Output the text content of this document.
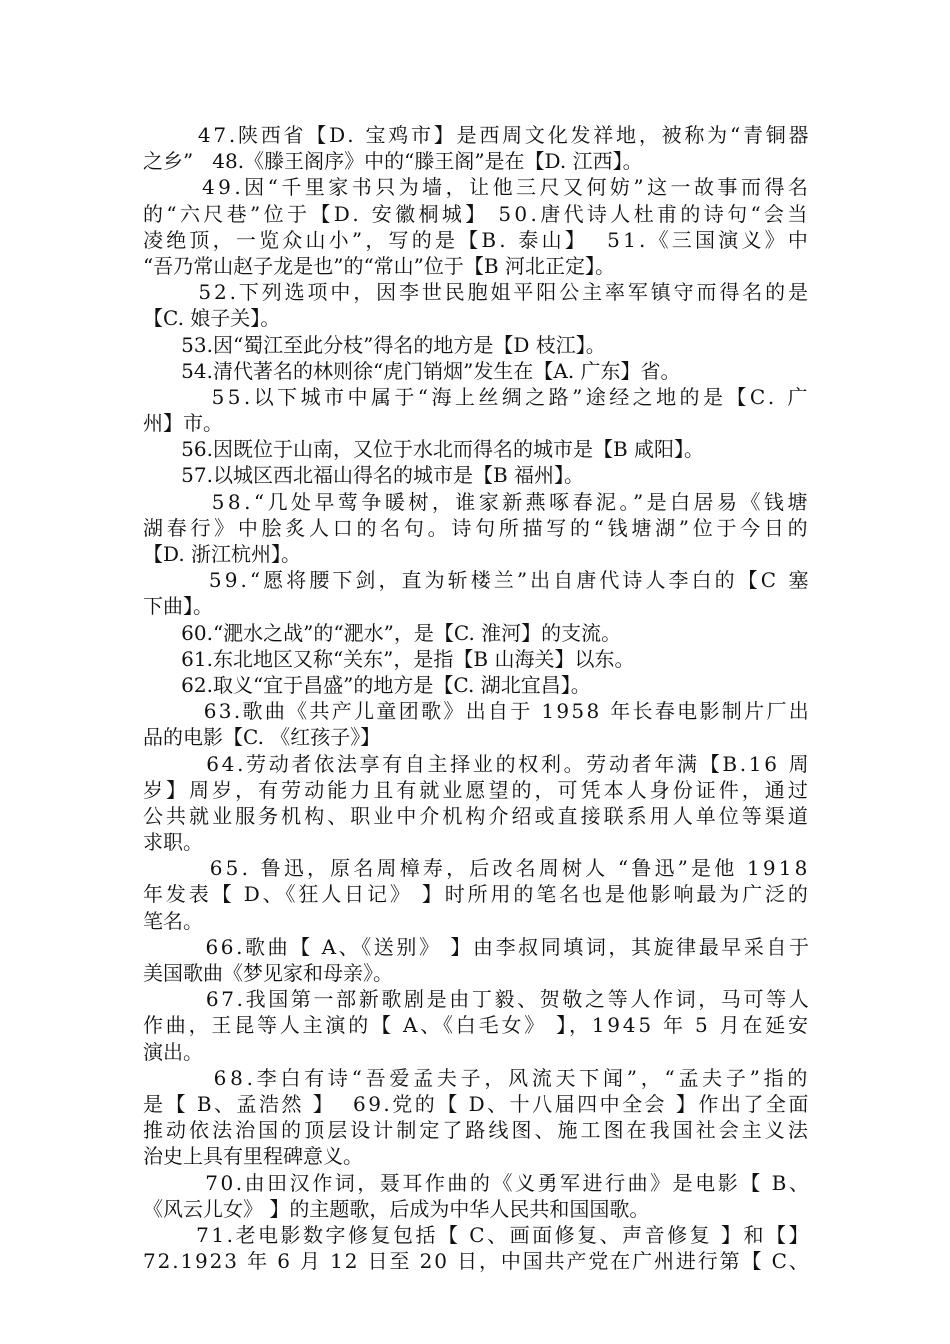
47.陕西省【D. 宝鸡市】是西周文化发祥地，被称为“青铜器
之乡”   48.《滕王阁序》中的“滕王阁”是在【D. 江西】。
49.因“千里家书只为墙，让他三尺又何妨”这一故事而得名
的“六尺巷”位于【D. 安徽桐城】 50.唐代诗人杜甫的诗句“会当
凌绝顶，一览众山小”，写的是【B. 泰山】  51.《三国演义》中
“吾乃常山赵子龙是也”的“常山”位于【B 河北正定】。
52.下列选项中，因李世民胞姐平阳公主率军镇守而得名的是
【C. 娘子关】。
53.因“蜀江至此分枝”得名的地方是【D 枝江】。
54.清代著名的林则徐“虎门销烟”发生在【A. 广东】省。
55.以下城市中属于“海上丝绸之路”途经之地的是【C. 广
州】市。
56.因既位于山南，又位于水北而得名的城市是【B 咸阳】。
57.以城区西北福山得名的城市是【B 福州】。
58.“几处早莺争暖树，谁家新燕啄春泥。”是白居易《钱塘
湖春行》中脍炙人口的名句。诗句所描写的“钱塘湖”位于今日的
【D. 浙江杭州】。
59.“愿将腰下剑，直为斩楼兰”出自唐代诗人李白的【C 塞
下曲】。
60.“淝水之战”的“淝水”，是【C. 淮河】的支流。
61.东北地区又称“关东”，是指【B 山海关】以东。
62.取义“宜于昌盛”的地方是【C. 湖北宜昌】。
63.歌曲《共产儿童团歌》出自于 1958 年长春电影制片厂出
品的电影【C. 《红孩子》】
64.劳动者依法享有自主择业的权利。劳动者年满【B.16 周
岁】周岁，有劳动能力且有就业愿望的，可凭本人身份证件，通过
公共就业服务机构、职业中介机构介绍或直接联系用人单位等渠道
求职。
65. 鲁迅，原名周樟寿，后改名周树人 “鲁迅”是他 1918
年发表【 D、《狂人日记》 】时所用的笔名也是他影响最为广泛的
笔名。
66.歌曲【 A、《送别》 】由李叔同填词，其旋律最早采自于
美国歌曲《梦见家和母亲》。
67.我国第一部新歌剧是由丁毅、贺敬之等人作词，马可等人
作曲，王昆等人主演的【 A、《白毛女》 】，1945 年 5 月在延安
演出。
68.李白有诗“吾爱孟夫子，风流天下闻”，“孟夫子”指的
是【 B、孟浩然 】  69.党的【 D、十八届四中全会 】作出了全面
推动依法治国的顶层设计制定了路线图、施工图在我国社会主义法
治史上具有里程碑意义。
70.由田汉作词，聂耳作曲的《义勇军进行曲》是电影【 B、
《风云儿女》 】的主题歌，后成为中华人民共和国国歌。
71.老电影数字修复包括【 C、画面修复、声音修复 】和【】
72.1923 年 6 月 12 日至 20 日，中国共产党在广州进行第【 C、
